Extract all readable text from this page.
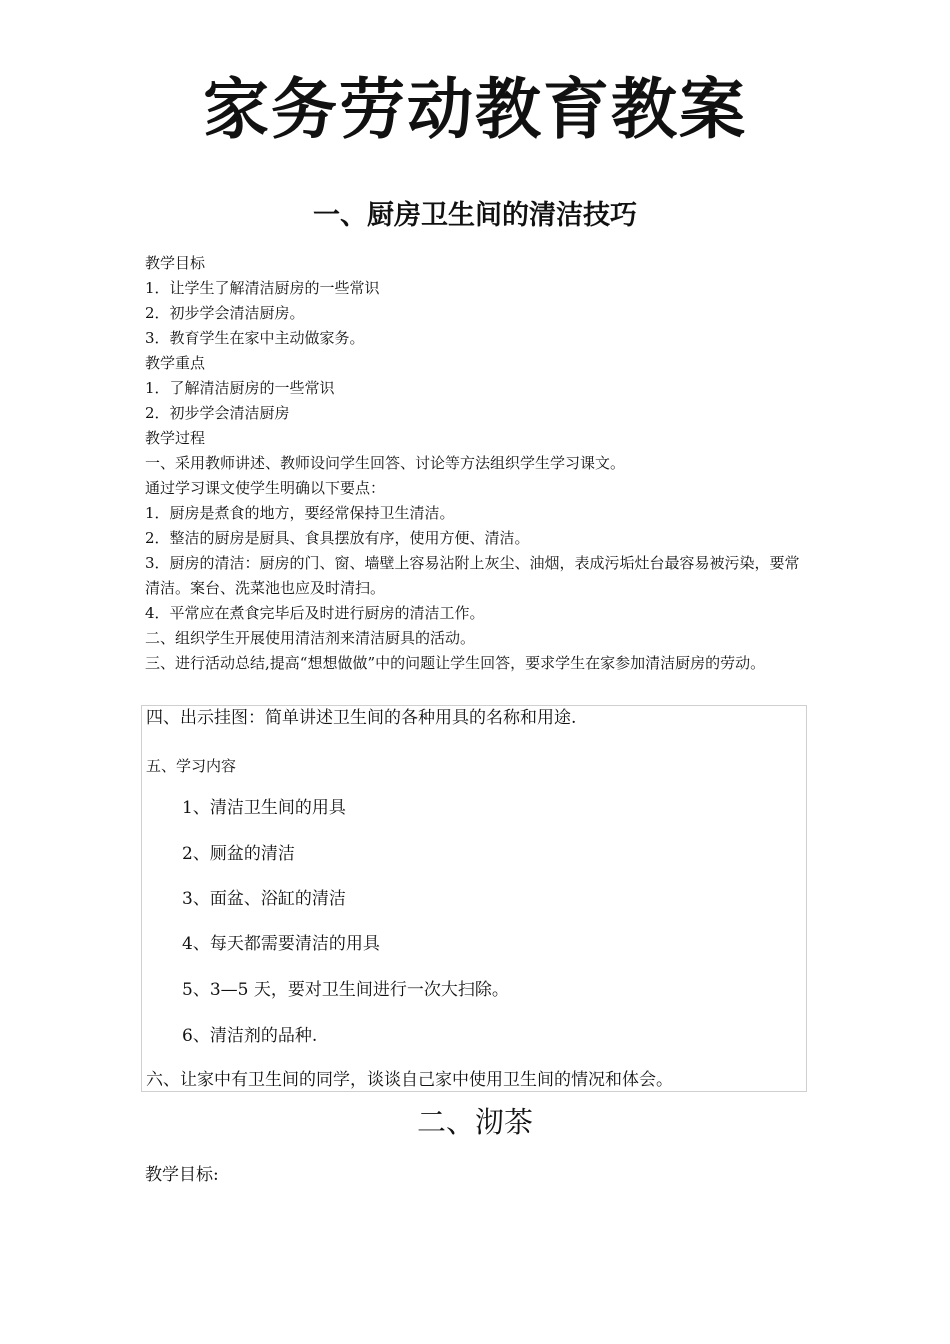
家务劳动教育教案
一、厨房卫生间的清洁技巧
教学目标
1．让学生了解清洁厨房的一些常识
2．初步学会清洁厨房。
3．教育学生在家中主动做家务。
教学重点
1．了解清洁厨房的一些常识
2．初步学会清洁厨房
教学过程
一、采用教师讲述、教师设问学生回答、讨论等方法组织学生学习课文。
通过学习课文使学生明确以下要点：
1．厨房是煮食的地方，要经常保持卫生清洁。
2．整洁的厨房是厨具、食具摆放有序，使用方便、清洁。
3．厨房的清洁：厨房的门、窗、墙壁上容易沾附上灰尘、油烟，表成污垢灶台最容易被污染，要常清洁。案台、洗菜池也应及时清扫。
4．平常应在煮食完毕后及时进行厨房的清洁工作。
二、组织学生开展使用清洁剂来清洁厨具的活动。
三、进行活动总结,提高“想想做做”中的问题让学生回答，要求学生在家参加清洁厨房的劳动。
四、出示挂图：简单讲述卫生间的各种用具的名称和用途.
五、学习内容
1、清洁卫生间的用具
2、厕盆的清洁
3、面盆、浴缸的清洁
4、每天都需要清洁的用具
5、3—5 天，要对卫生间进行一次大扫除。
6、清洁剂的品种.
六、让家中有卫生间的同学，谈谈自己家中使用卫生间的情况和体会。
二、沏茶
教学目标:
